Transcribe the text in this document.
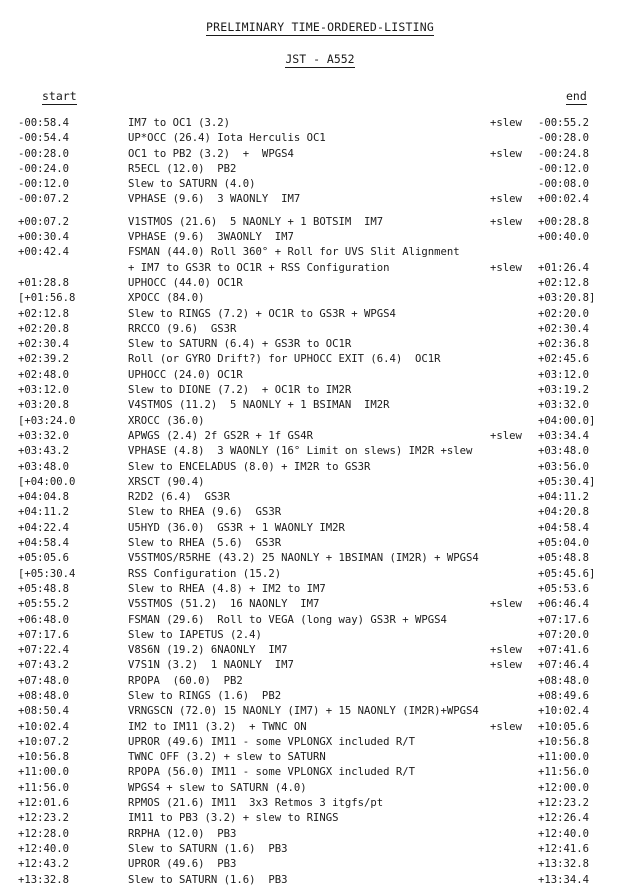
PRELIMINARY TIME-ORDERED-LISTING
JST - A552
start	end
-00:58.4	IM7 to OC1 (3.2)	+slew -00:55.2
-00:54.4	UP*OCC (26.4) Iota Herculis OC1	-00:28.0
-00:28.0	OC1 to PB2 (3.2)  +  WPGS4	+slew -00:24.8
-00:24.0	R5ECL (12.0)  PB2	-00:12.0
-00:12.0	Slew to SATURN (4.0)	-00:08.0
-00:07.2	VPHASE (9.6)  3 WAONLY  IM7	+slew +00:02.4
+00:07.2	V1STMOS (21.6)  5 NAONLY + 1 BOTSIM  IM7	+slew +00:28.8
+00:30.4	VPHASE (9.6)  3WAONLY  IM7	+00:40.0
+00:42.4	FSMAN (44.0) Roll 360° + Roll for UVS Slit Alignment
+ IM7 to GS3R to OC1R + RSS Configuration	+slew +01:26.4
+01:28.8	UPHOCC (44.0) OC1R	+02:12.8
[+01:56.8	XPOCC (84.0)	+03:20.8]
+02:12.8	Slew to RINGS (7.2) + OC1R to GS3R + WPGS4	+02:20.0
+02:20.8	RRCCO (9.6)  GS3R	+02:30.4
+02:30.4	Slew to SATURN (6.4) + GS3R to OC1R	+02:36.8
+02:39.2	Roll (or GYRO Drift?) for UPHOCC EXIT (6.4)  OC1R	+02:45.6
+02:48.0	UPHOCC (24.0) OC1R	+03:12.0
+03:12.0	Slew to DIONE (7.2)  + OC1R to IM2R	+03:19.2
+03:20.8	V4STMOS (11.2)  5 NAONLY + 1 BSIMAN  IM2R	+03:32.0
[+03:24.0	XROCC (36.0)	+04:00.0]
+03:32.0	APWGS (2.4) 2f GS2R + 1f GS4R	+slew +03:34.4
+03:43.2	VPHASE (4.8)  3 WAONLY (16° Limit on slews) IM2R +slew	+03:48.0
+03:48.0	Slew to ENCELADUS (8.0) + IM2R to GS3R	+03:56.0
[+04:00.0	XRSCT (90.4)	+05:30.4]
+04:04.8	R2D2 (6.4)  GS3R	+04:11.2
+04:11.2	Slew to RHEA (9.6)  GS3R	+04:20.8
+04:22.4	U5HYD (36.0)  GS3R + 1 WAONLY IM2R	+04:58.4
+04:58.4	Slew to RHEA (5.6)  GS3R	+05:04.0
+05:05.6	V5STMOS/R5RHE (43.2) 25 NAONLY + 1BSIMAN (IM2R) + WPGS4	+05:48.8
[+05:30.4	RSS Configuration (15.2)	+05:45.6]
+05:48.8	Slew to RHEA (4.8) + IM2 to IM7	+05:53.6
+05:55.2	V5STMOS (51.2)  16 NAONLY  IM7	+slew +06:46.4
+06:48.0	FSMAN (29.6)  Roll to VEGA (long way) GS3R + WPGS4	+07:17.6
+07:17.6	Slew to IAPETUS (2.4)	+07:20.0
+07:22.4	V8S6N (19.2) 6NAONLY  IM7	+slew +07:41.6
+07:43.2	V7S1N (3.2)  1 NAONLY  IM7	+slew +07:46.4
+07:48.0	RPOPA  (60.0)  PB2	+08:48.0
+08:48.0	Slew to RINGS (1.6)  PB2	+08:49.6
+08:50.4	VRNGSCN (72.0) 15 NAONLY (IM7) + 15 NAONLY (IM2R)+WPGS4	+10:02.4
+10:02.4	IM2 to IM11 (3.2)  + TWNC ON	+slew +10:05.6
+10:07.2	UPROR (49.6) IM11 - some VPLONGX included R/T	+10:56.8
+10:56.8	TWNC OFF (3.2) + slew to SATURN	+11:00.0
+11:00.0	RPOPA (56.0) IM11 - some VPLONGX included R/T	+11:56.0
+11:56.0	WPGS4 + slew to SATURN (4.0)	+12:00.0
+12:01.6	RPMOS (21.6) IM11  3x3 Retmos 3 itgfs/pt	+12:23.2
+12:23.2	IM11 to PB3 (3.2) + slew to RINGS	+12:26.4
+12:28.0	RRPHA (12.0)  PB3	+12:40.0
+12:40.0	Slew to SATURN (1.6)  PB3	+12:41.6
+12:43.2	UPROR (49.6)  PB3	+13:32.8
+13:32.8	Slew to SATURN (1.6)  PB3	+13:34.4
